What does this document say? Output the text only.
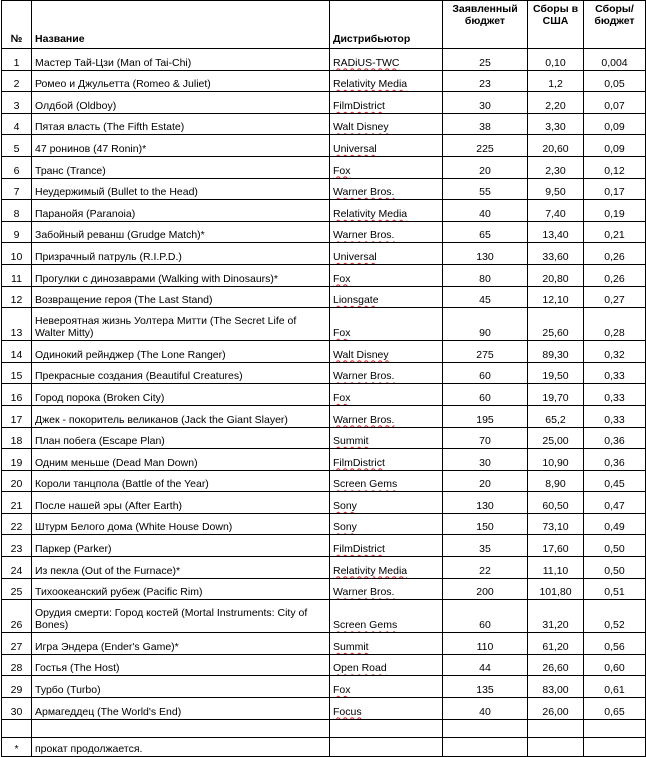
№	Название	Дистрибьютор	Заявленный бюджет	Сборы в США	Сборы/ бюджет
1	Мастер Тай-Цзи (Man of Tai-Chi)	RADiUS-TWC	25	0,10	0,004
2	Ромео и Джульетта (Romeo & Juliet)	Relativity Media	23	1,2	0,05
3	Олдбой (Oldboy)	FilmDistrict	30	2,20	0,07
4	Пятая власть (The Fifth Estate)	Walt Disney	38	3,30	0,09
5	47 ронинов (47 Ronin)*	Universal	225	20,60	0,09
6	Транс (Trance)	Fox	20	2,30	0,12
7	Неудержимый (Bullet to the Head)	Warner Bros.	55	9,50	0,17
8	Паранойя (Paranoia)	Relativity Media	40	7,40	0,19
9	Забойный реванш (Grudge Match)*	Warner Bros.	65	13,40	0,21
10	Призрачный патруль (R.I.P.D.)	Universal	130	33,60	0,26
11	Прогулки с динозаврами (Walking with Dinosaurs)*	Fox	80	20,80	0,26
12	Возвращение героя (The Last Stand)	Lionsgate	45	12,10	0,27
13	Невероятная жизнь Уолтера Митти (The Secret Life of Walter Mitty)	Fox	90	25,60	0,28
14	Одинокий рейнджер (The Lone Ranger)	Walt Disney	275	89,30	0,32
15	Прекрасные создания (Beautiful Creatures)	Warner Bros.	60	19,50	0,33
16	Город порока (Broken City)	Fox	60	19,70	0,33
17	Джек - покоритель великанов (Jack the Giant Slayer)	Warner Bros.	195	65,2	0,33
18	План побега (Escape Plan)	Summit	70	25,00	0,36
19	Одним меньше (Dead Man Down)	FilmDistrict	30	10,90	0,36
20	Короли танцпола (Battle of the Year)	Screen Gems	20	8,90	0,45
21	После нашей эры (After Earth)	Sony	130	60,50	0,47
22	Штурм Белого дома (White House Down)	Sony	150	73,10	0,49
23	Паркер (Parker)	FilmDistrict	35	17,60	0,50
24	Из пекла (Out of the Furnace)*	Relativity Media	22	11,10	0,50
25	Тихоокеанский рубеж (Pacific Rim)	Warner Bros.	200	101,80	0,51
26	Орудия смерти: Город костей (Mortal Instruments: City of Bones)	Screen Gems	60	31,20	0,52
27	Игра Эндера (Ender's Game)*	Summit	110	61,20	0,56
28	Гостья (The Host)	Open Road	44	26,60	0,60
29	Турбо (Turbo)	Fox	135	83,00	0,61
30	Армагеддец (The World's End)	Focus	40	26,00	0,65

*	прокат продолжается.				
